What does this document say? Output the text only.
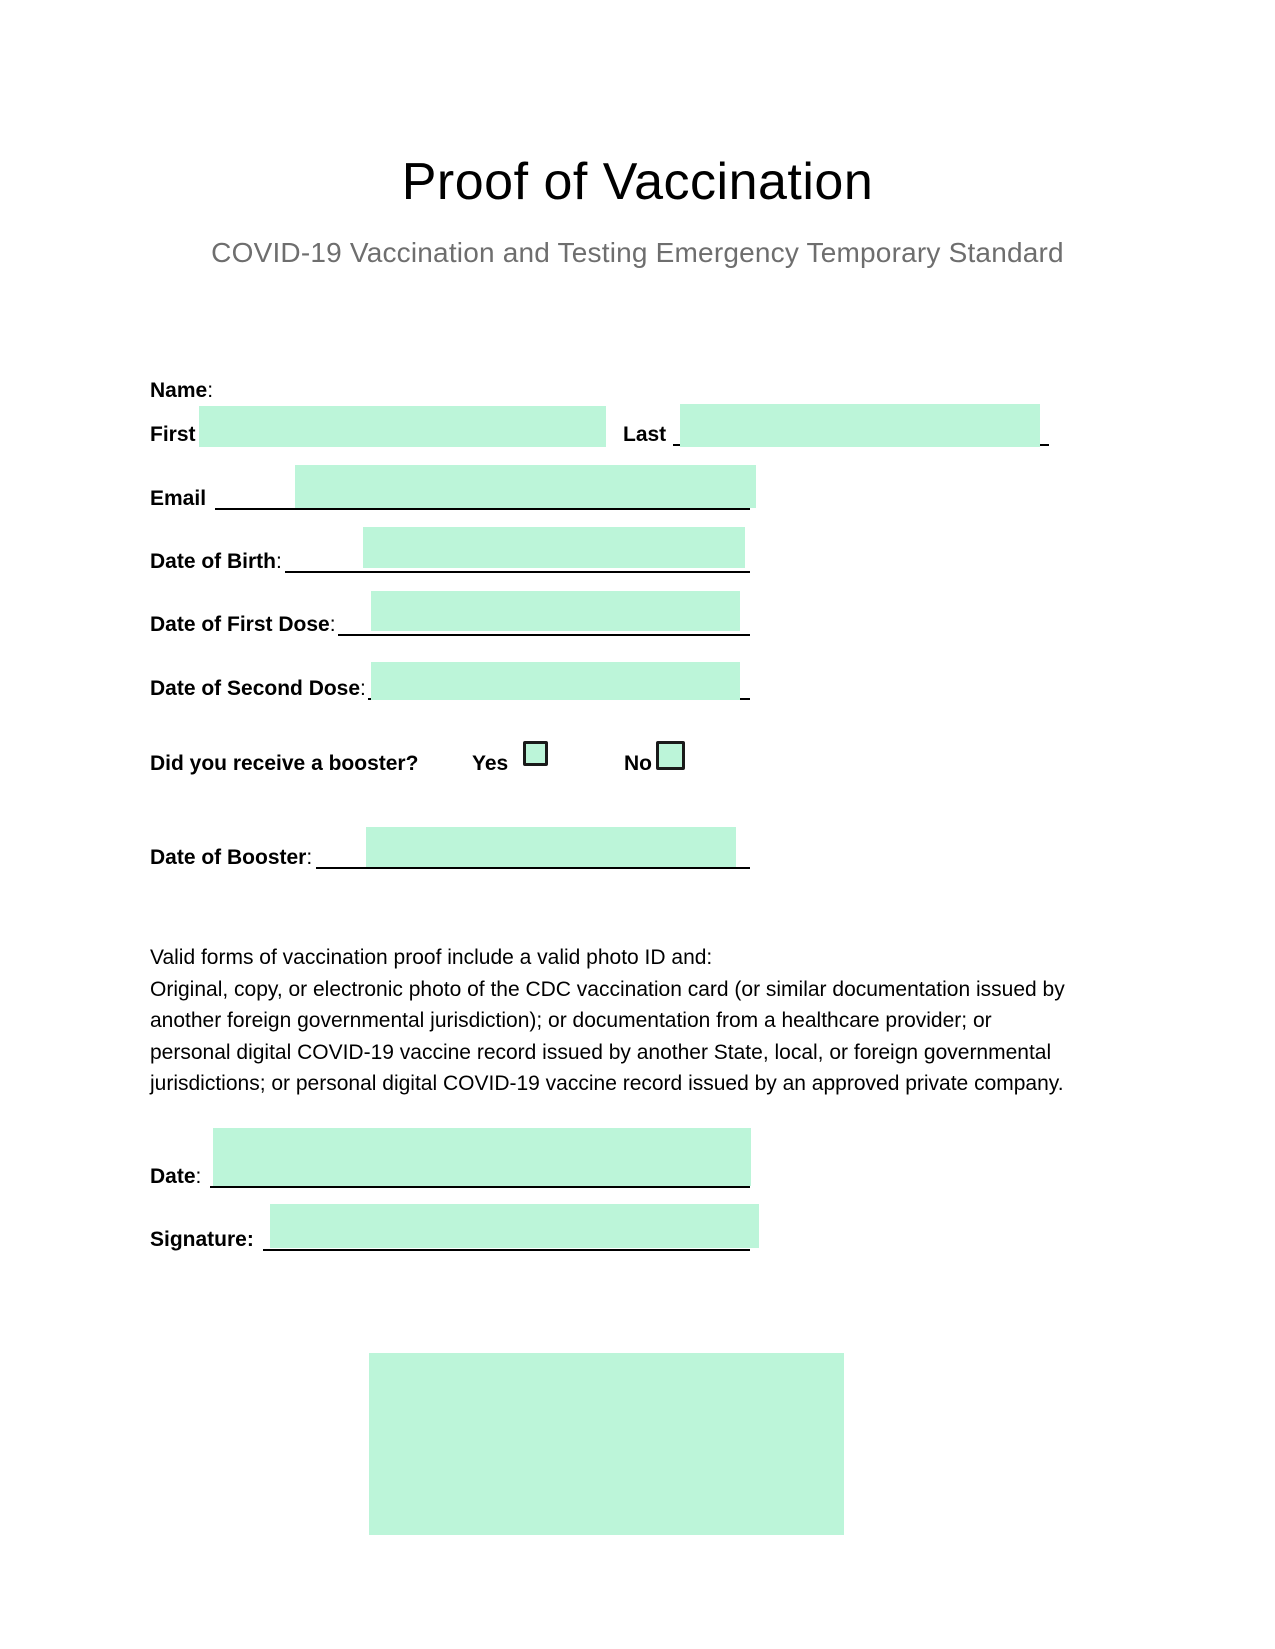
Proof of Vaccination
COVID-19 Vaccination and Testing Emergency Temporary Standard
Name:
First	Last
Email
Date of Birth:
Date of First Dose:
Date of Second Dose:
Did you receive a booster?	Yes	No
Date of Booster:

Valid forms of vaccination proof include a valid photo ID and:

Original, copy, or electronic photo of the CDC vaccination card (or similar documentation issued by

another foreign governmental jurisdiction); or documentation from a healthcare provider; or

personal digital COVID-19 vaccine record issued by another State, local, or foreign governmental

jurisdictions; or personal digital COVID-19 vaccine record issued by an approved private company.

Date:
Signature:
